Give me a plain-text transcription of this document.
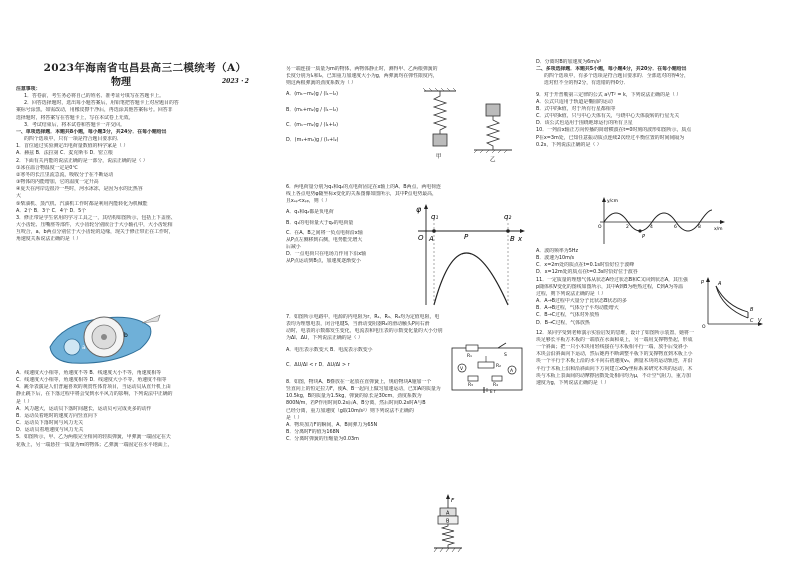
2023年海南省屯昌县高三二模统考（A）
物理	2023・2

注意事项：

1．答卷前，考生务必将自己的姓名、准考证号填写在答题卡上。

2．回答选择题时，选出每小题答案后，用铅笔把答题卡上对应题目的答

案标号涂黑。如需改动，用橡皮擦干净后，再选涂其他答案标号。回答非

选择题时，将答案写在答题卡上，写在本试卷上无效。

3．考试结束后，将本试卷和答题卡一并交回。

一、单项选择题．本题共8小题，每小题3分，共24分．在每小题给出

的四个选项中，只有一项是符合题目要求的．

1．首位通过实验测定出电荷量数值的科学家是（ ）

A．赫兹 B．法拉第 C．麦克斯韦 D．密立根

2．下面有关内能的说法正确的是一部分，说法正确的是（ ）

①冰在温合物温度一定是0℃

②寒冬的长江里流急流，吸收分子在不断运动

③物体的内能增加，它的温度一定升高

④夏天在河岸边很冷一些时，河水冰冻，是因为水的比热容

大

⑤柴油机、蒸汽机、汽油机工作时都是利用内能转化为机械能

A．2个 B．3个 C．4个 D．5个

3．修正带是学生常用的学习工具之一，其结构如图所示，包括上下盖座、

大小齿轮、压嘴座等部件，大小齿轮分别嵌合于大小轴孔中，大小齿轮相

互咬合，a、b两点分别位于大小齿轮的边缘，现关于修正带正在工作时，

角速度关系说法正确的是（ ）

a
b

A．线速度大小相等，角速度不等 B．线速度大小不等，角速度相等

C．线速度大小相等，角速度相等 D．线速度大小不等，角速度不相等

4．跳伞表演是人们普遍喜欢的观赏性体育项目，当运动员从直升机上由

静止跳下后，在下落过程中将会受到水平风力的影响，下列说法中正确的

是（ ）

A．风力越大，运动员下落时间越长，运动员可完成更多的动作

B．运动员着地时的速度方向竖直向下

C．运动员下落时间与风力无关

D．运动员着地速度与风力无关

5．如图所示，甲、乙为两根完全相同的轻质弹簧，甲弹簧一端固定在天

花板上，另一端悬挂一质量为m的物体；乙弹簧一端固定在水平地面上，

另一端连接一质量为m的物体，两物体静止时，测得甲、乙两根弹簧的

长度分别为l₁和l₂，已知重力加速度大小为g，两弹簧均在弹性限度内，

则这两根弹簧的劲度系数为（ ）

A．(m₁−m₂)g / (l₁−l₂)

B．(m₁+m₂)g / (l₁−l₂)

C．(m₁−m₂)g / (l₁+l₂)

D．(m₁+m₂)g / (l₁+l₂)

甲	乙

6．两电荷量分别为q₁和q₂的点电荷固定在x轴上的A、B两点，两电荷连

线上各点电势φ随坐标x变化的关系图像如图所示，其中P点电势最高，

且xₐₚ<xₚᵦ，则（ ）

A．q₁和q₂都是负电荷

B．q₁的电荷量大于q₂的电荷量

C．在A、B之间将一负点电荷沿x轴

从P点左侧移到右侧，电势能先增大

后减小

D．一点电荷只在电场力作用下沿x轴

从P点运动到B点，加速度逐渐变小

φ
q₁	q₂
A
O	P	B x

7．如图所示电路中，电源的内电阻为r，R₁、R₃、R₄均为定值电阻，电

表均为理想电表，闭合电键S，当滑动变阻器R₂的滑动触头P向右滑

动时，电表的示数都发生变化，电流表和电压表的示数变化量的大小分别

为ΔI、ΔU，下列说法正确的是（ ）

A．电压表示数变大 B．电流表示数变小

C．ΔU/ΔI < r D．ΔU/ΔI > r

8．如图，物块A、B叠放在一起放在直弹簧上，规给物块A施加一个

竖直向上的恒定拉力F，使A、B一起向上做匀加速运动，已知A的质量为

10.5kg，B的质量为1.5kg，弹簧的原长是30cm，劲度系数为

800N/m，若P作用时间0.2s后A、B分离，然后时间0.2s时A与B

已经分离，重力加速度（g取10m/s²）则下列说法不正确的

是（ ）

A．物块加力F的瞬间，A、B间弹力为65N

B．分离时F的值为168N

C．分离时弹簧的压缩量为0.03m

R₁	S
R₂
V	A
R₃	R₄
E r
F
A
B

D．分离时B的加速度为6m/s²

二、多项选择题．本题共5小题，每小题4分，共20分．在每小题给出

的四个选项中，有多个选项是符合题目要求的．全部选对的得4分，

选对但不全的得2分，有选错的得0分．

9．对于开普勒第三定律的公式 a³/T² = k，下列说法正确的是（ ）

A．公式只适用于轨道是椭圆的运动

B．式中的k值，对于所有行星都相等

C．式中的k值，只与中心天体有关，与绕中心天体旋转的行星无关

D．该公式也适用于围绕地球运行的所有卫星

10．一列沿x轴正方向传播的简谐横波在t=0时刻的波形如图所示，质点

P在x=3m处，已知任意振动质点连续2次经过平衡位置的时间间隔为

0.2s，下列说法正确的是（ ）

y/cm
x/m
O
P
2	4	6	8

A．波的频率为5Hz

B．波速为10m/s

C．x=2m处的质点在t=0.1s时恰好位于波峰

D．x=12m处的质点在t=0.3s时恰好位于波谷

11．一定质量的理想气体从状态A经过状态B和C又回到状态A，其压强

p随体积V变化的图线如图所示，其中A到B为绝热过程，C到A为等温

过程，则下列说法正确的是（ ）

A．A→B过程中大量分子比状态B状态的多

B．A→B过程，气体分子平均动能增大

C．B→C过程，气体对外放热

D．B→C过程，气体放热

12．某同学受到老师演示实验启发的思维，设计了如图所示装置，她将一

块足够长平板方木板的一端放在水面和桌上，另一端用支撑物垫起，形成

一个斜面；把一只小木块用轻线接在与木板相平行一端，放手后受斜小

木块会沿斜面向下运动，然后她再不断调整平板下的支撑物直到木板上小

块一个平行于木板上沿的水平向右初速度v₀，测量木块的运动轨迹，并沿

平行于木板上沿和沿斜面向下方向建立xOy坐标系来研究木块的运动，木

块与木板上表面间的动摩擦因数处处相同均为μ，不计空气阻力，重力加

速度为g，下列说法正确的是（ ）

p
V
O
A
B
C
